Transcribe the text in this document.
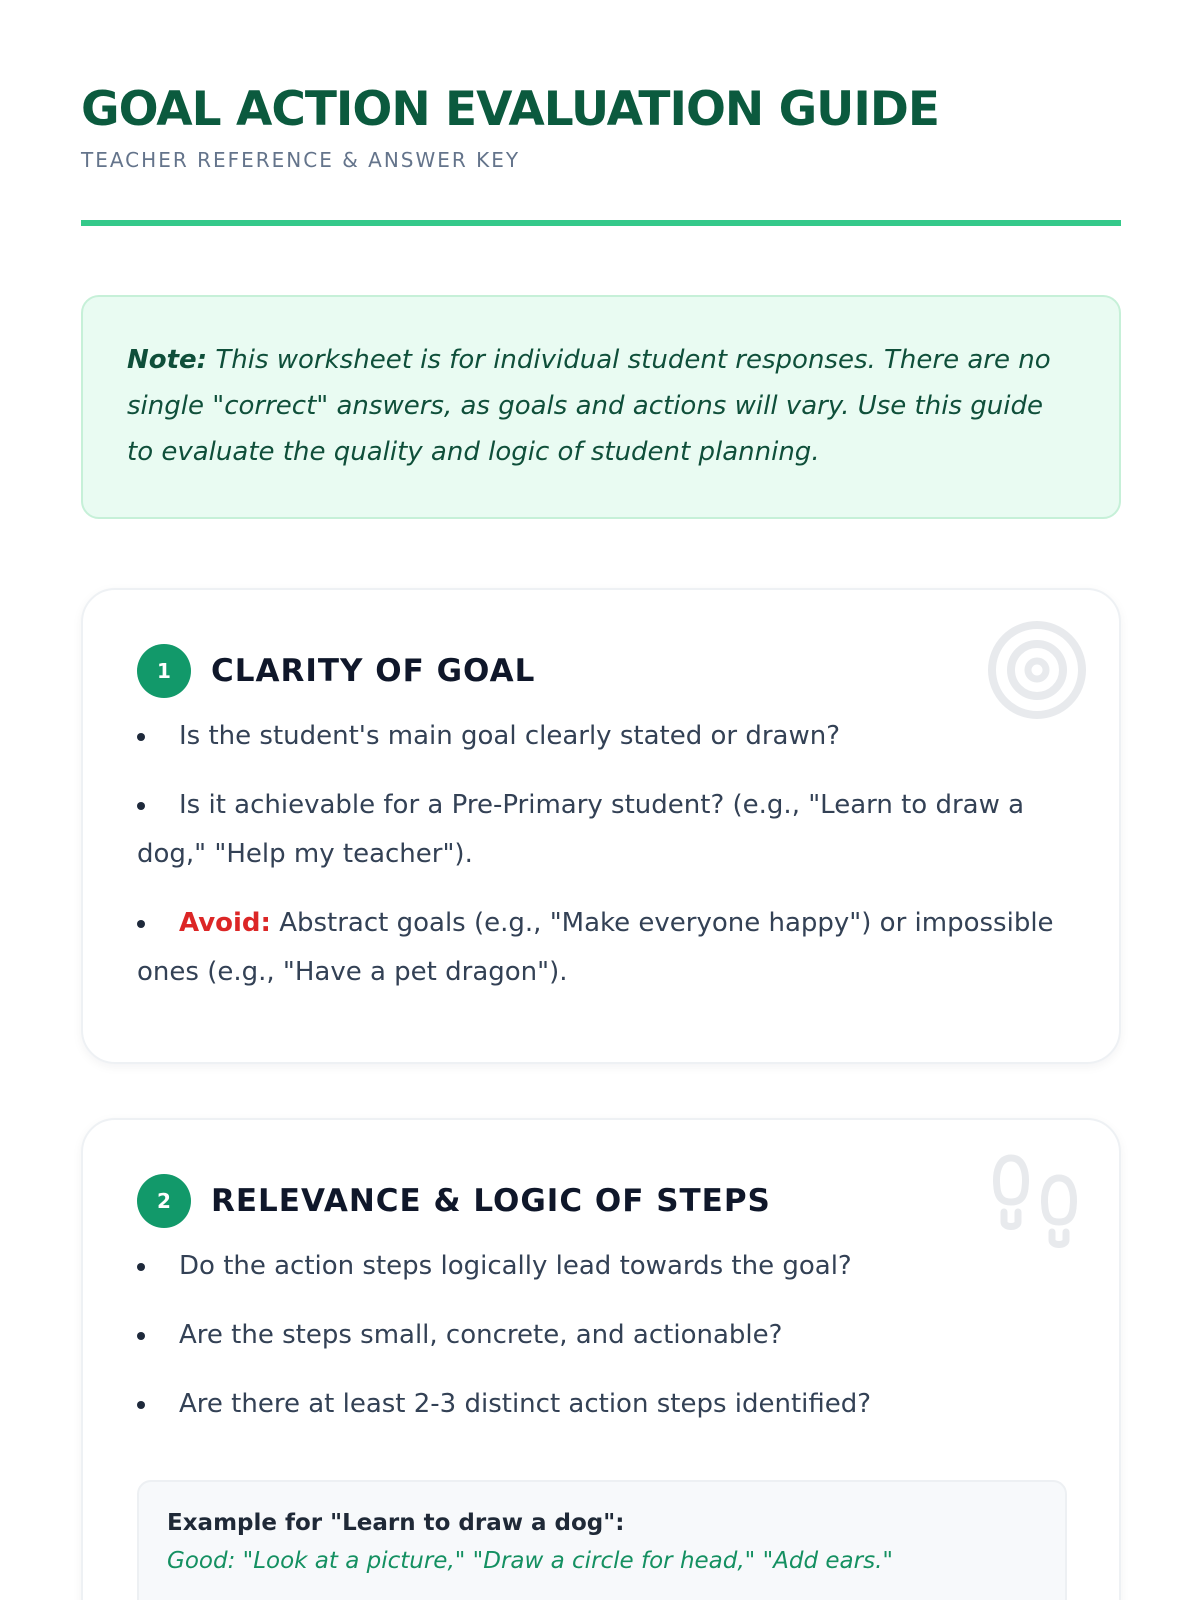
GOAL ACTION EVALUATION GUIDE
TEACHER REFERENCE & ANSWER KEY

Note: This worksheet is for individual student responses. There are no single "correct" answers, as goals and actions will vary. Use this guide to evaluate the quality and logic of student planning.

1	CLARITY OF GOAL
Is the student's main goal clearly stated or drawn?
Is it achievable for a Pre-Primary student? (e.g., "Learn to draw a dog," "Help my teacher").
Avoid: Abstract goals (e.g., "Make everyone happy") or impossible ones (e.g., "Have a pet dragon").
2	RELEVANCE & LOGIC OF STEPS
Do the action steps logically lead towards the goal?
Are the steps small, concrete, and actionable?
Are there at least 2-3 distinct action steps identified?
Example for "Learn to draw a dog":
Good: "Look at a picture," "Draw a circle for head," "Add ears."
